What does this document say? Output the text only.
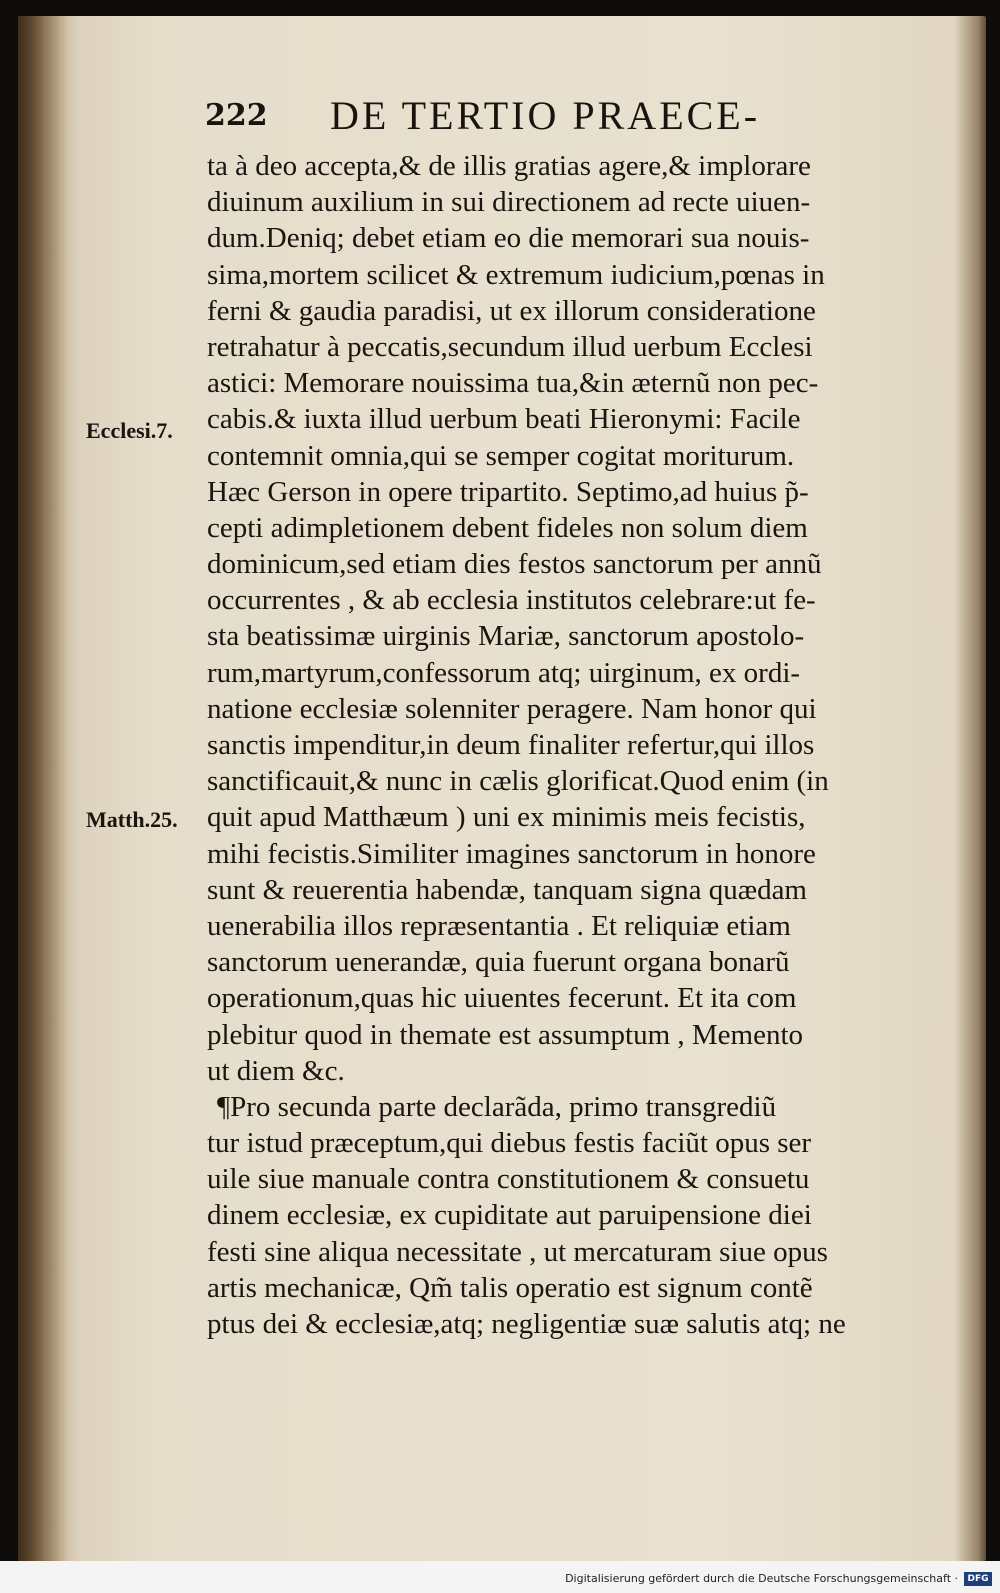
222 DE TERTIO PRAECE-
Ecclesi.7.
Matth.25.
ta à deo accepta,& de illis gratias agere,& implorare
diuinum auxilium in sui directionem ad recte uiuen-
dum.Deniq; debet etiam eo die memorari sua nouis-
sima,mortem scilicet & extremum iudicium,pœnas in
ferni & gaudia paradisi, ut ex illorum consideratione
retrahatur à peccatis,secundum illud uerbum Ecclesi
astici: Memorare nouissima tua,&in æternũ non pec-
cabis.& iuxta illud uerbum beati Hieronymi: Facile
contemnit omnia,qui se semper cogitat moriturum.
Hæc Gerson in opere tripartito. Septimo,ad huius p̃-
cepti adimpletionem debent fideles non solum diem
dominicum,sed etiam dies festos sanctorum per annũ
occurrentes , & ab ecclesia institutos celebrare:ut fe-
sta beatissimæ uirginis Mariæ, sanctorum apostolo-
rum,martyrum,confessorum atq; uirginum, ex ordi-
natione ecclesiæ solenniter peragere. Nam honor qui
sanctis impenditur,in deum finaliter refertur,qui illos
sanctificauit,& nunc in cælis glorificat.Quod enim (in
quit apud Matthæum ) uni ex minimis meis fecistis,
mihi fecistis.Similiter imagines sanctorum in honore
sunt & reuerentia habendæ, tanquam signa quædam
uenerabilia illos repræsentantia . Et reliquiæ etiam
sanctorum uenerandæ, quia fuerunt organa bonarũ
operationum,quas hic uiuentes fecerunt. Et ita com
plebitur quod in themate est assumptum , Memento
ut diem &c.
¶Pro secunda parte declarãda, primo transgrediũ
tur istud præceptum,qui diebus festis faciũt opus ser
uile siue manuale contra constitutionem & consuetu
dinem ecclesiæ, ex cupiditate aut paruipensione diei
festi sine aliqua necessitate , ut mercaturam siue opus
artis mechanicæ, Qm̃ talis operatio est signum contẽ
ptus dei & ecclesiæ,atq; negligentiæ suæ salutis atq; ne
Digitalisierung gefördert durch die Deutsche Forschungsgemeinschaft ·	DFG
